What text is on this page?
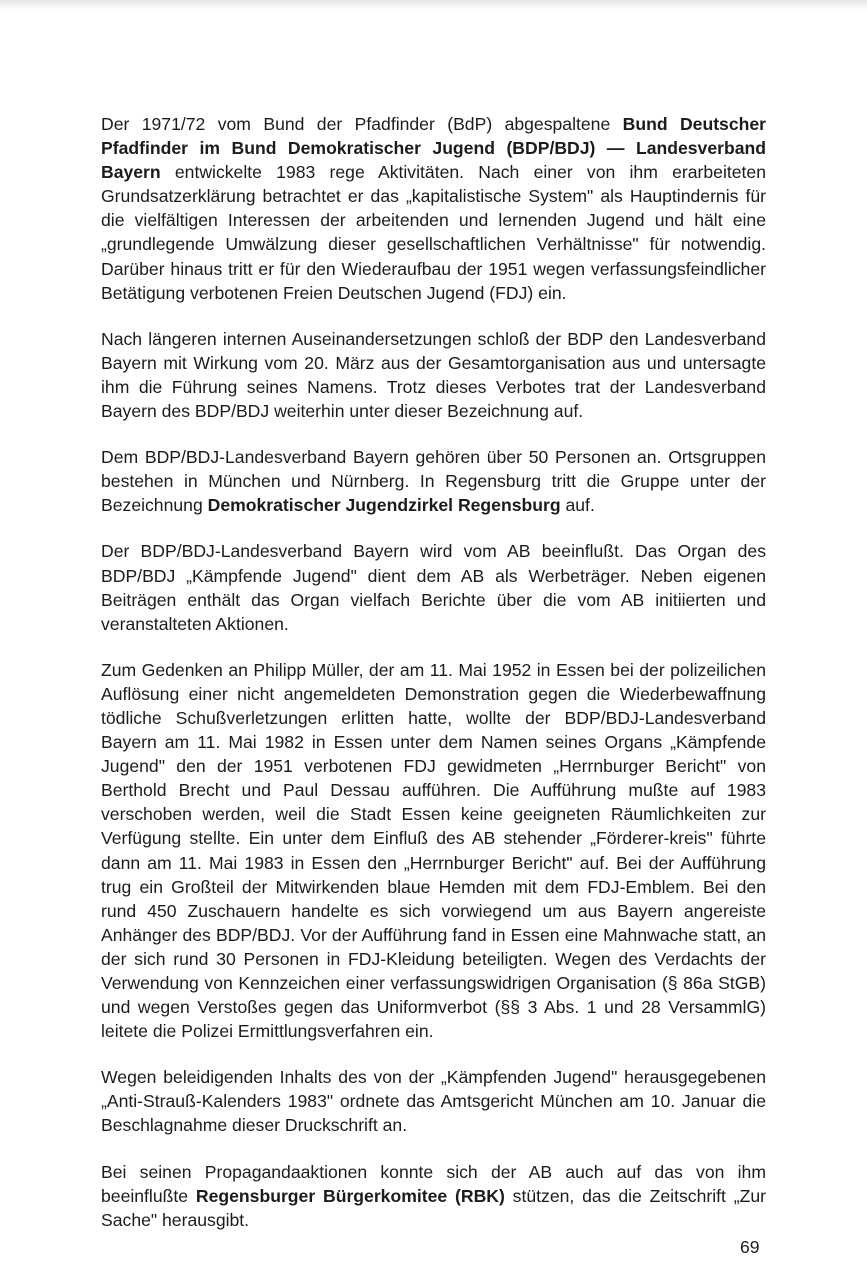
Der 1971/72 vom Bund der Pfadfinder (BdP) abgespaltene Bund Deutscher Pfadfinder im Bund Demokratischer Jugend (BDP/BDJ) — Landesverband Bayern entwickelte 1983 rege Aktivitäten. Nach einer von ihm erarbeiteten Grundsatzerklärung betrachtet er das „kapitalistische System" als Hauptindernis für die vielfältigen Interessen der arbeitenden und lernenden Jugend und hält eine „grundlegende Umwälzung dieser gesellschaftlichen Verhältnisse" für notwendig. Darüber hinaus tritt er für den Wiederaufbau der 1951 wegen verfassungsfeindlicher Betätigung verbotenen Freien Deutschen Jugend (FDJ) ein.

Nach längeren internen Auseinandersetzungen schloß der BDP den Landesverband Bayern mit Wirkung vom 20. März aus der Gesamtorganisation aus und untersagte ihm die Führung seines Namens. Trotz dieses Verbotes trat der Landesverband Bayern des BDP/BDJ weiterhin unter dieser Bezeichnung auf.

Dem BDP/BDJ-Landesverband Bayern gehören über 50 Personen an. Ortsgruppen bestehen in München und Nürnberg. In Regensburg tritt die Gruppe unter der Bezeichnung Demokratischer Jugendzirkel Regensburg auf.

Der BDP/BDJ-Landesverband Bayern wird vom AB beeinflußt. Das Organ des BDP/BDJ „Kämpfende Jugend" dient dem AB als Werbeträger. Neben eigenen Beiträgen enthält das Organ vielfach Berichte über die vom AB initiierten und veranstalteten Aktionen.

Zum Gedenken an Philipp Müller, der am 11. Mai 1952 in Essen bei der polizeilichen Auflösung einer nicht angemeldeten Demonstration gegen die Wiederbewaffnung tödliche Schußverletzungen erlitten hatte, wollte der BDP/BDJ-Landesverband Bayern am 11. Mai 1982 in Essen unter dem Namen seines Organs „Kämpfende Jugend" den der 1951 verbotenen FDJ gewidmeten „Herrnburger Bericht" von Berthold Brecht und Paul Dessau aufführen. Die Aufführung mußte auf 1983 verschoben werden, weil die Stadt Essen keine geeigneten Räumlichkeiten zur Verfügung stellte. Ein unter dem Einfluß des AB stehender „Förderer-kreis" führte dann am 11. Mai 1983 in Essen den „Herrnburger Bericht" auf. Bei der Aufführung trug ein Großteil der Mitwirkenden blaue Hemden mit dem FDJ-Emblem. Bei den rund 450 Zuschauern handelte es sich vorwiegend um aus Bayern angereiste Anhänger des BDP/BDJ. Vor der Aufführung fand in Essen eine Mahnwache statt, an der sich rund 30 Personen in FDJ-Kleidung beteiligten. Wegen des Verdachts der Verwendung von Kennzeichen einer verfassungswidrigen Organisation (§ 86a StGB) und wegen Verstoßes gegen das Uniformverbot (§§ 3 Abs. 1 und 28 VersammlG) leitete die Polizei Ermittlungsverfahren ein.

Wegen beleidigenden Inhalts des von der „Kämpfenden Jugend" herausgegebenen „Anti-Strauß-Kalenders 1983" ordnete das Amtsgericht München am 10. Januar die Beschlagnahme dieser Druckschrift an.

Bei seinen Propagandaaktionen konnte sich der AB auch auf das von ihm beeinflußte Regensburger Bürgerkomitee (RBK) stützen, das die Zeitschrift „Zur Sache" herausgibt.

69
